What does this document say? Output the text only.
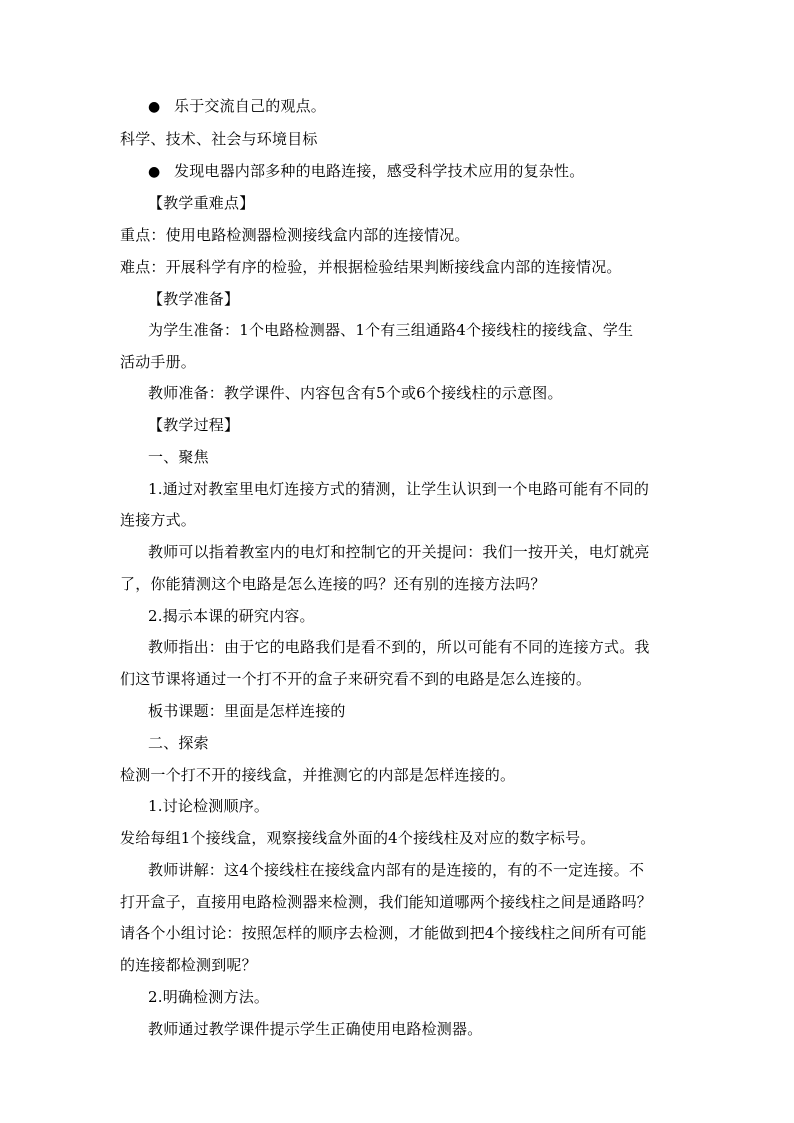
● 乐于交流自己的观点。
科学、技术、社会与环境目标
● 发现电器内部多种的电路连接，感受科学技术应用的复杂性。
【教学重难点】
重点：使用电路检测器检测接线盒内部的连接情况。
难点：开展科学有序的检验，并根据检验结果判断接线盒内部的连接情况。
【教学准备】
为学生准备：1个电路检测器、1个有三组通路4个接线柱的接线盒、学生
活动手册。
教师准备：教学课件、内容包含有5个或6个接线柱的示意图。
【教学过程】
一、聚焦
1.通过对教室里电灯连接方式的猜测，让学生认识到一个电路可能有不同的
连接方式。
教师可以指着教室内的电灯和控制它的开关提问：我们一按开关，电灯就亮
了，你能猜测这个电路是怎么连接的吗？还有别的连接方法吗？
2.揭示本课的研究内容。
教师指出：由于它的电路我们是看不到的，所以可能有不同的连接方式。我
们这节课将通过一个打不开的盒子来研究看不到的电路是怎么连接的。
板书课题：里面是怎样连接的
二、探索
检测一个打不开的接线盒，并推测它的内部是怎样连接的。
1.讨论检测顺序。
发给每组1个接线盒，观察接线盒外面的4个接线柱及对应的数字标号。
教师讲解：这4个接线柱在接线盒内部有的是连接的，有的不一定连接。不
打开盒子，直接用电路检测器来检测，我们能知道哪两个接线柱之间是通路吗？
请各个小组讨论：按照怎样的顺序去检测，才能做到把4个接线柱之间所有可能
的连接都检测到呢？
2.明确检测方法。
教师通过教学课件提示学生正确使用电路检测器。
